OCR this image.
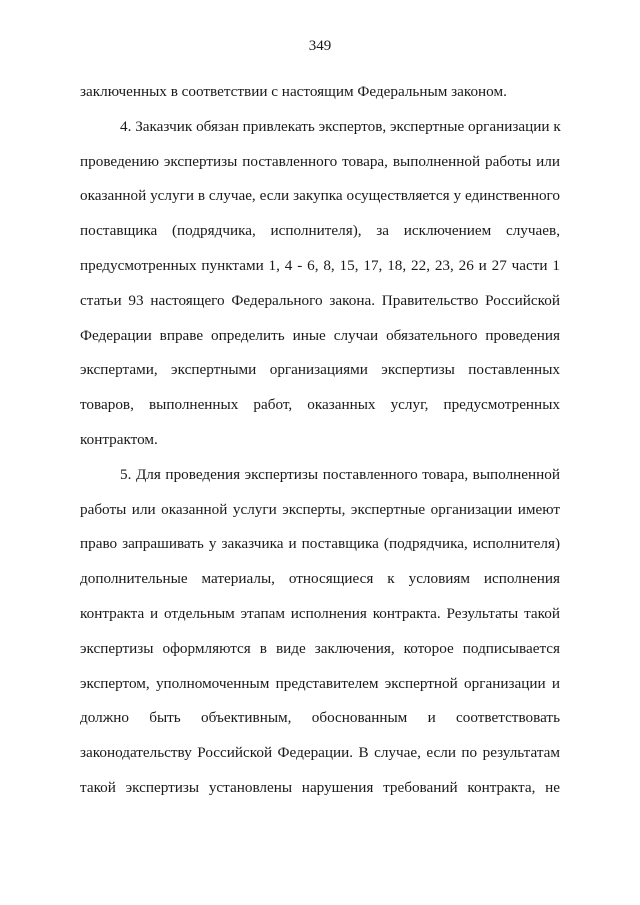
349
заключенных в соответствии с настоящим Федеральным законом.
4. Заказчик обязан привлекать экспертов, экспертные организации к
проведению экспертизы поставленного товара, выполненной работы или
оказанной услуги в случае, если закупка осуществляется у единственного
поставщика (подрядчика, исполнителя), за исключением случаев,
предусмотренных пунктами 1, 4 - 6, 8, 15, 17, 18, 22, 23, 26 и 27 части 1
статьи 93 настоящего Федерального закона. Правительство Российской
Федерации вправе определить иные случаи обязательного проведения
экспертами, экспертными организациями экспертизы поставленных
товаров, выполненных работ, оказанных услуг, предусмотренных
контрактом.
5. Для проведения экспертизы поставленного товара, выполненной
работы или оказанной услуги эксперты, экспертные организации имеют
право запрашивать у заказчика и поставщика (подрядчика, исполнителя)
дополнительные материалы, относящиеся к условиям исполнения
контракта и отдельным этапам исполнения контракта. Результаты такой
экспертизы оформляются в виде заключения, которое подписывается
экспертом, уполномоченным представителем экспертной организации и
должно быть объективным, обоснованным и соответствовать
законодательству Российской Федерации. В случае, если по результатам
такой экспертизы установлены нарушения требований контракта, не
